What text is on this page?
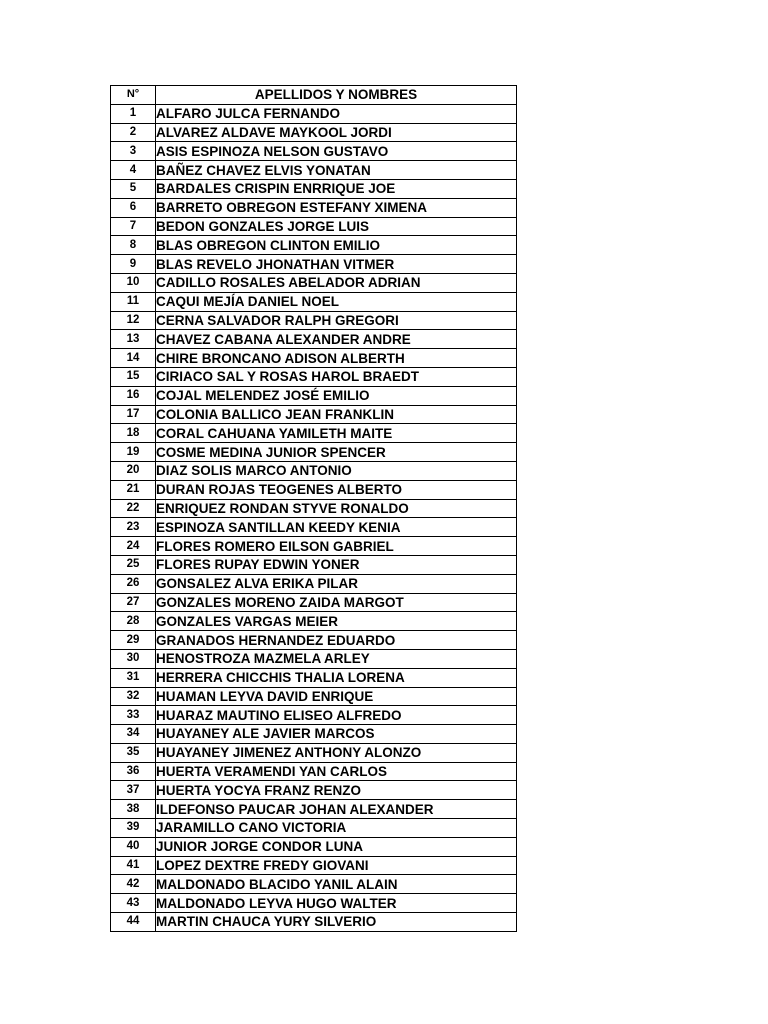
N°	APELLIDOS Y NOMBRES
1	ALFARO JULCA FERNANDO
2	ALVAREZ ALDAVE MAYKOOL JORDI
3	ASIS ESPINOZA NELSON GUSTAVO
4	BAÑEZ CHAVEZ ELVIS YONATAN
5	BARDALES CRISPIN ENRRIQUE JOE
6	BARRETO OBREGON ESTEFANY XIMENA
7	BEDON GONZALES JORGE LUIS
8	BLAS OBREGON CLINTON EMILIO
9	BLAS REVELO JHONATHAN VITMER
10	CADILLO ROSALES ABELADOR ADRIAN
11	CAQUI MEJÍA DANIEL NOEL
12	CERNA SALVADOR RALPH GREGORI
13	CHAVEZ CABANA ALEXANDER ANDRE
14	CHIRE BRONCANO ADISON ALBERTH
15	CIRIACO SAL Y ROSAS HAROL BRAEDT
16	COJAL MELENDEZ JOSÉ EMILIO
17	COLONIA BALLICO JEAN FRANKLIN
18	CORAL CAHUANA YAMILETH MAITE
19	COSME MEDINA JUNIOR SPENCER
20	DIAZ SOLIS MARCO ANTONIO
21	DURAN ROJAS TEOGENES ALBERTO
22	ENRIQUEZ RONDAN STYVE RONALDO
23	ESPINOZA SANTILLAN KEEDY KENIA
24	FLORES ROMERO EILSON GABRIEL
25	FLORES RUPAY EDWIN YONER
26	GONSALEZ ALVA ERIKA PILAR
27	GONZALES MORENO ZAIDA MARGOT
28	GONZALES VARGAS MEIER
29	GRANADOS HERNANDEZ EDUARDO
30	HENOSTROZA MAZMELA ARLEY
31	HERRERA CHICCHIS THALIA LORENA
32	HUAMAN LEYVA DAVID ENRIQUE
33	HUARAZ MAUTINO ELISEO ALFREDO
34	HUAYANEY ALE JAVIER MARCOS
35	HUAYANEY JIMENEZ ANTHONY ALONZO
36	HUERTA VERAMENDI YAN CARLOS
37	HUERTA YOCYA FRANZ RENZO
38	ILDEFONSO PAUCAR JOHAN ALEXANDER
39	JARAMILLO CANO VICTORIA
40	JUNIOR JORGE CONDOR LUNA
41	LOPEZ DEXTRE FREDY GIOVANI
42	MALDONADO BLACIDO YANIL ALAIN
43	MALDONADO LEYVA HUGO WALTER
44	MARTIN CHAUCA YURY SILVERIO
